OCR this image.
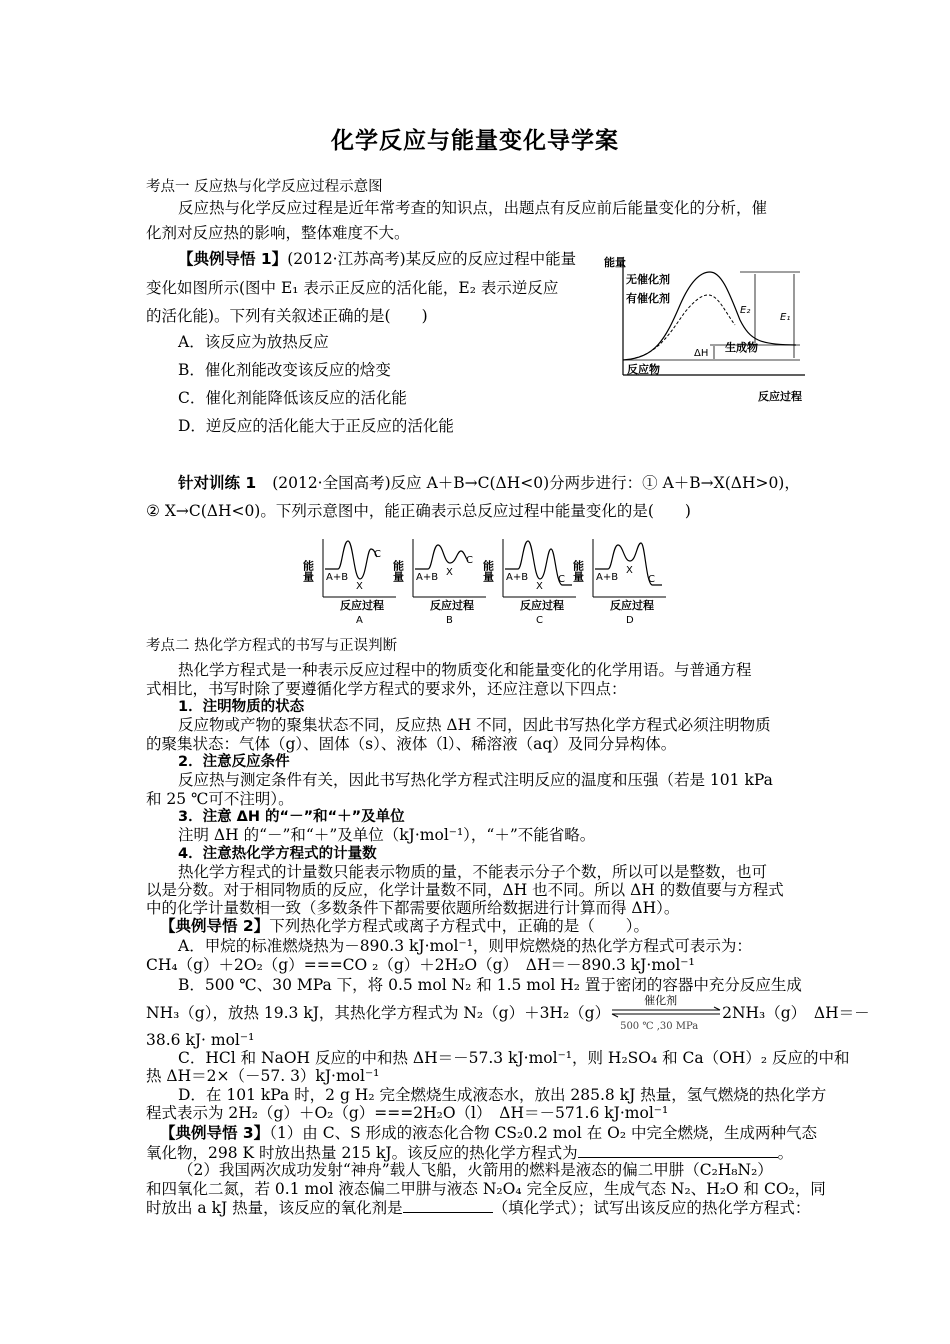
化学反应与能量变化导学案
考点一 反应热与化学反应过程示意图
反应热与化学反应过程是近年常考查的知识点，出题点有反应前后能量变化的分析，催
化剂对反应热的影响，整体难度不大。
【典例导悟 1】(2012·江苏高考)某反应的反应过程中能量
变化如图所示(图中 E₁ 表示正反应的活化能，E₂ 表示逆反应
的活化能)。下列有关叙述正确的是(　　)
A．该反应为放热反应
B．催化剂能改变该反应的焓变
C．催化剂能降低该反应的活化能
D．逆反应的活化能大于正反应的活化能
能量
反应过程
无催化剂
有催化剂
E₂
E₁
生成物
ΔH
反应物
针对训练 1 (2012·全国高考)反应 A＋B→C(ΔH<0)分两步进行：① A＋B→X(ΔH>0)，
② X→C(ΔH<0)。下列示意图中，能正确表示总反应过程中能量变化的是(　　)
能量 A+B
X
C
反应过程
A
能量 A+B X
C
反应过程
B
能量 A+B
X
C
反应过程
C
能量 A+B
X
C
反应过程
D
考点二 热化学方程式的书写与正误判断
热化学方程式是一种表示反应过程中的物质变化和能量变化的化学用语。与普通方程
式相比，书写时除了要遵循化学方程式的要求外，还应注意以下四点：
1．注明物质的状态
反应物或产物的聚集状态不同，反应热 ΔH 不同，因此书写热化学方程式必须注明物质
的聚集状态：气体（g）、固体（s）、液体（l）、稀溶液（aq）及同分异构体。
2．注意反应条件
反应热与测定条件有关，因此书写热化学方程式注明反应的温度和压强（若是 101 kPa
和 25 ℃可不注明）。
3．注意 ΔH 的“－”和“＋”及单位
注明 ΔH 的“－”和“＋”及单位（kJ·mol⁻¹），“＋”不能省略。
4．注意热化学方程式的计量数
热化学方程式的计量数只能表示物质的量，不能表示分子个数，所以可以是整数，也可
以是分数。对于相同物质的反应，化学计量数不同，ΔH 也不同。所以 ΔH 的数值要与方程式
中的化学计量数相一致（多数条件下都需要依题所给数据进行计算而得 ΔH）。
【典例导悟 2】下列热化学方程式或离子方程式中，正确的是（　　）。
A．甲烷的标准燃烧热为－890.3 kJ·mol⁻¹，则甲烷燃烧的热化学方程式可表示为：
CH₄（g）＋2O₂（g）===CO ₂（g）＋2H₂O（g）　ΔH＝－890.3 kJ·mol⁻¹
B．500 ℃、30 MPa 下，将 0.5 mol N₂ 和 1.5 mol H₂ 置于密闭的容器中充分反应生成
NH₃（g），放热 19.3 kJ，其热化学方程式为 N₂（g）＋3H₂（g）
催化剂
500 ℃ ,30 MPa
2NH₃（g）　ΔH＝－
38.6 kJ· mol⁻¹
C．HCl 和 NaOH 反应的中和热 ΔH＝－57.3 kJ·mol⁻¹，则 H₂SO₄ 和 Ca（OH）₂ 反应的中和
热 ΔH＝2×（－57. 3）kJ·mol⁻¹
D．在 101 kPa 时，2 g H₂ 完全燃烧生成液态水，放出 285.8 kJ 热量，氢气燃烧的热化学方
程式表示为 2H₂（g）＋O₂（g）===2H₂O（l）　ΔH＝－571.6 kJ·mol⁻¹
【典例导悟 3】（1）由 C、S 形成的液态化合物 CS₂0.2 mol 在 O₂ 中完全燃烧，生成两种气态
氧化物，298 K 时放出热量 215 kJ。该反应的热化学方程式为	。
（2）我国两次成功发射“神舟”载人飞船，火箭用的燃料是液态的偏二甲肼（C₂H₈N₂）
和四氧化二氮，若 0.1 mol 液态偏二甲肼与液态 N₂O₄ 完全反应，生成气态 N₂、H₂O 和 CO₂，同
时放出 a kJ 热量，该反应的氧化剂是	（填化学式）；试写出该反应的热化学方程式：
